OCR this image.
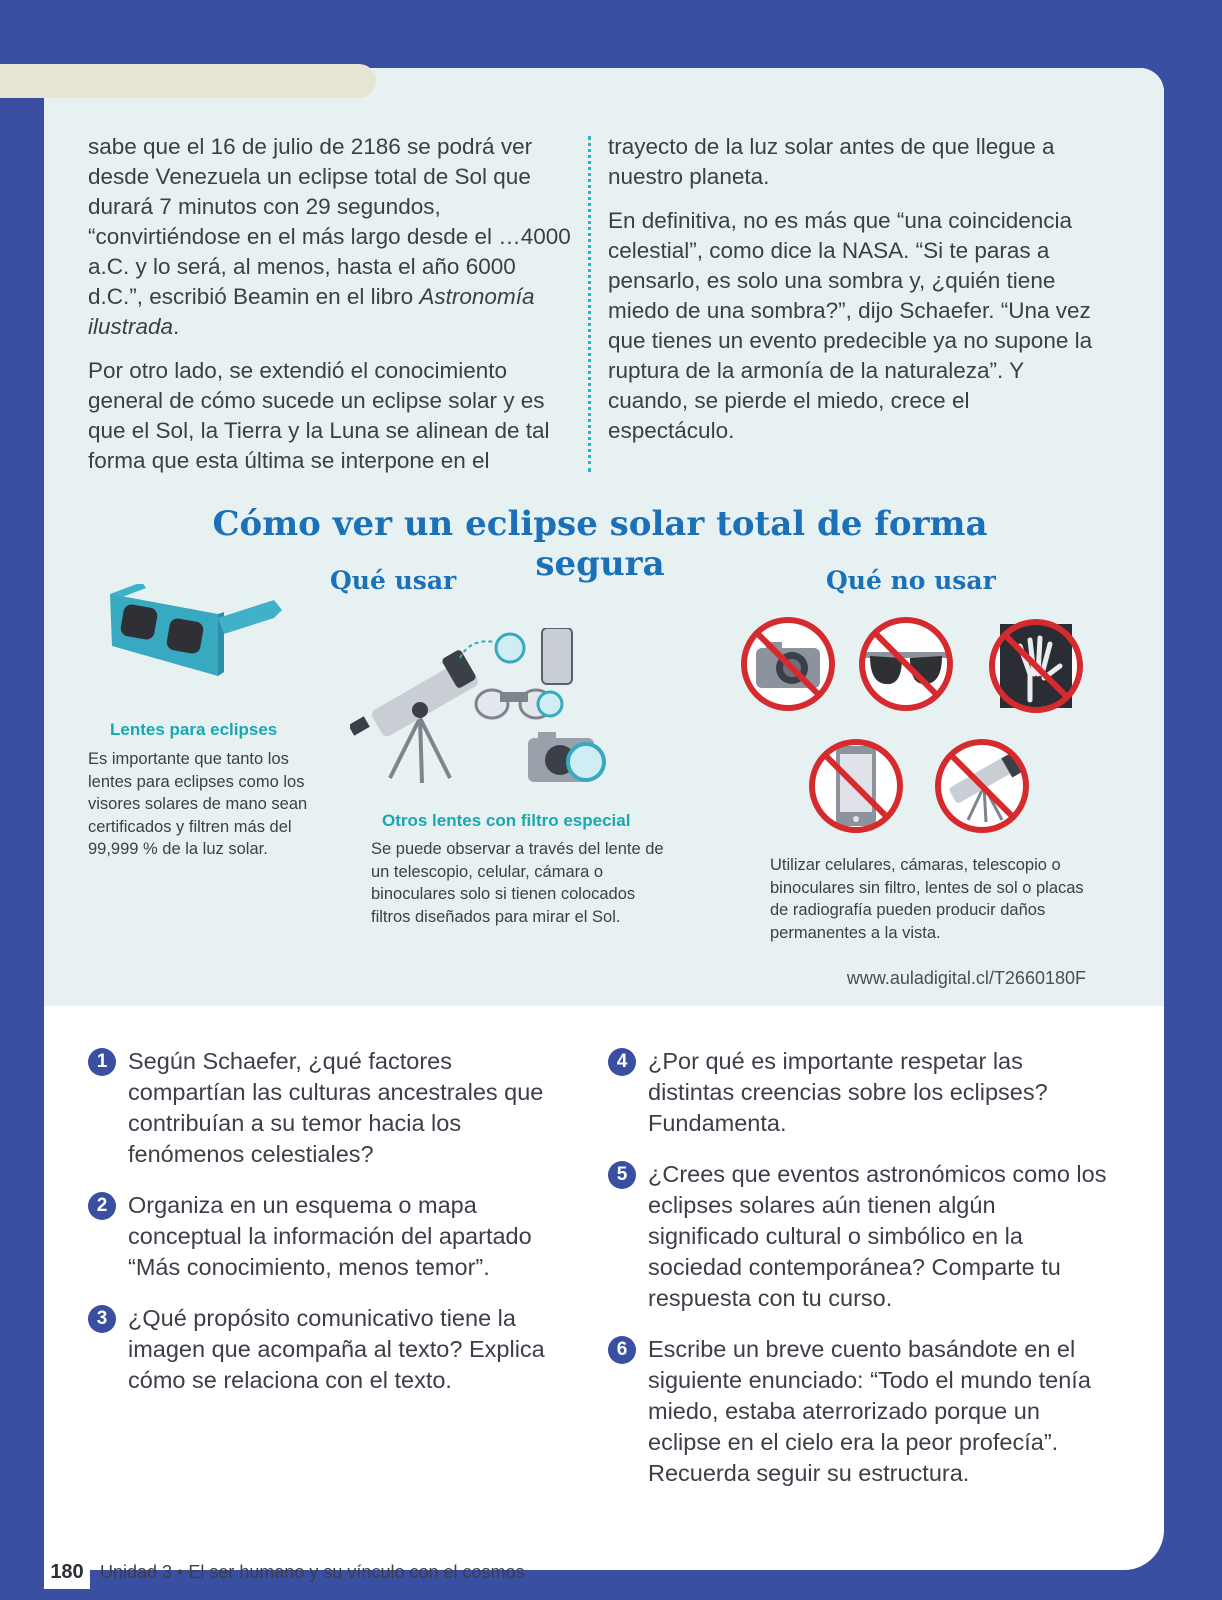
sabe que el 16 de julio de 2186 se podrá ver desde Venezuela un eclipse total de Sol que durará 7 minutos con 29 segundos, “convirtiéndose en el más largo desde el …4000 a.C. y lo será, al menos, hasta el año 6000 d.C.”, escribió Beamin en el libro Astronomía ilustrada.

Por otro lado, se extendió el conocimiento general de cómo sucede un eclipse solar y es que el Sol, la Tierra y la Luna se alinean de tal forma que esta última se interpone en el

trayecto de la luz solar antes de que llegue a nuestro planeta.

En definitiva, no es más que “una coincidencia celestial”, como dice la NASA. “Si te paras a pensarlo, es solo una sombra y, ¿quién tiene miedo de una sombra?”, dijo Schaefer. “Una vez que tienes un evento predecible ya no supone la ruptura de la armonía de la naturaleza”. Y cuando, se pierde el miedo, crece el espectáculo.

Cómo ver un eclipse solar total de forma segura
Qué usar	Qué no usar
Lentes para eclipses
Es importante que tanto los lentes para eclipses como los visores solares de mano sean certificados y filtren más del 99,999 % de la luz solar.
Otros lentes con filtro especial
Se puede observar a través del lente de un telescopio, celular, cámara o binoculares solo si tienen colocados filtros diseñados para mirar el Sol.
Utilizar celulares, cámaras, telescopio o binoculares sin filtro, lentes de sol o placas de radiografía pueden producir daños permanentes a la vista.
www.auladigital.cl/T2660180F
1 Según Schaefer, ¿qué factores compartían las culturas ancestrales que contribuían a su temor hacia los fenómenos celestiales?
2 Organiza en un esquema o mapa conceptual la información del apartado “Más conocimiento, menos temor”.
3 ¿Qué propósito comunicativo tiene la imagen que acompaña al texto? Explica cómo se relaciona con el texto.
4 ¿Por qué es importante respetar las distintas creencias sobre los eclipses? Fundamenta.
5 ¿Crees que eventos astronómicos como los eclipses solares aún tienen algún significado cultural o simbólico en la sociedad contemporánea? Comparte tu respuesta con tu curso.
6 Escribe un breve cuento basándote en el siguiente enunciado: “Todo el mundo tenía miedo, estaba aterrorizado porque un eclipse en el cielo era la peor profecía”. Recuerda seguir su estructura.
180 Unidad 3 • El ser humano y su vínculo con el cosmos
